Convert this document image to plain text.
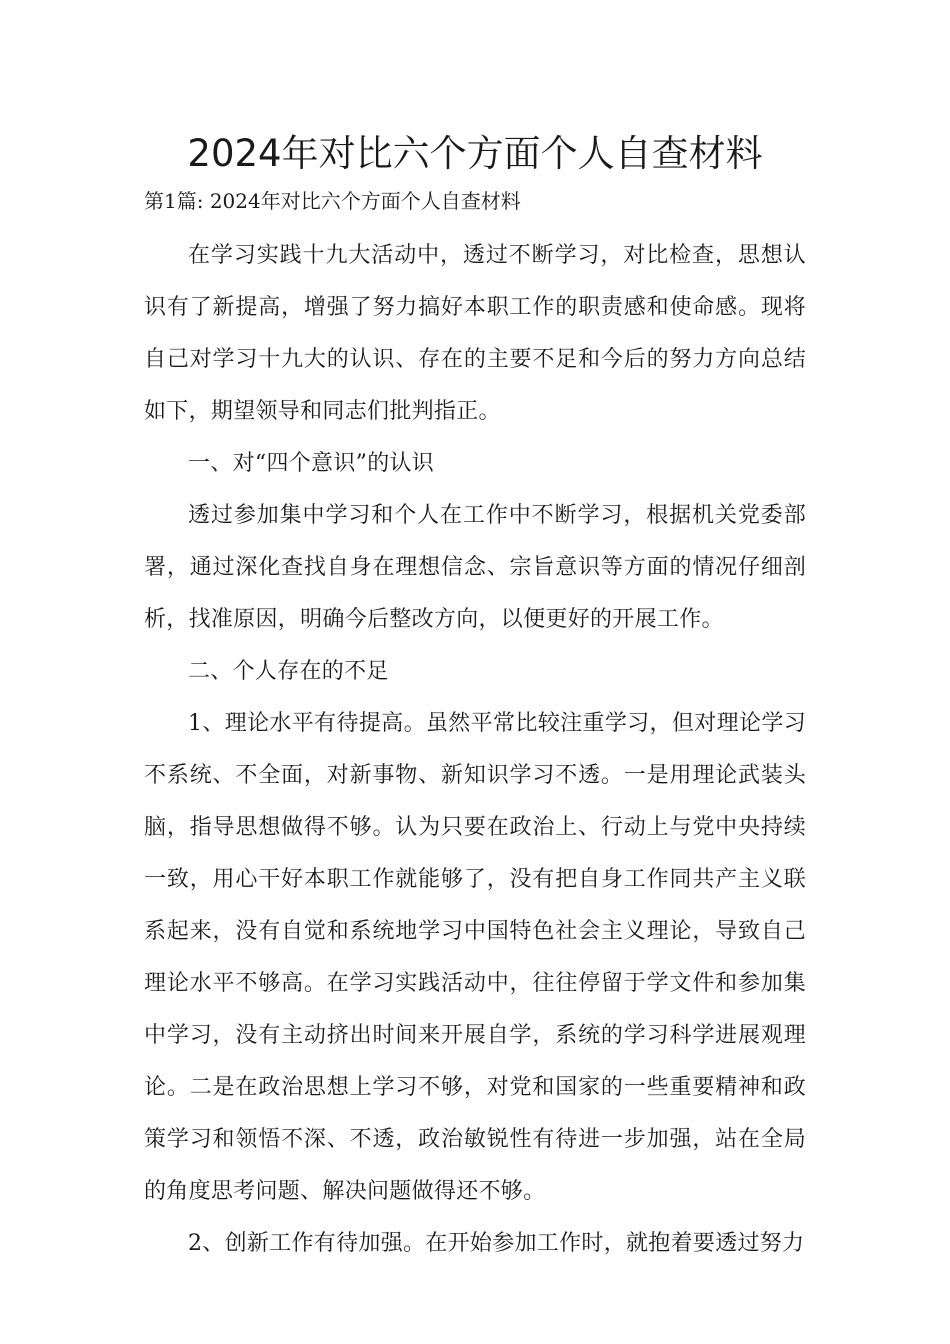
2024年对比六个方面个人自查材料

第1篇: 2024年对比六个方面个人自查材料

在学习实践十九大活动中，透过不断学习，对比检查，思想认识有了新提高，增强了努力搞好本职工作的职责感和使命感。现将自己对学习十九大的认识、存在的主要不足和今后的努力方向总结如下，期望领导和同志们批判指正。

一、对“四个意识”的认识

透过参加集中学习和个人在工作中不断学习，根据机关党委部署，通过深化查找自身在理想信念、宗旨意识等方面的情况仔细剖析，找准原因，明确今后整改方向，以便更好的开展工作。

二、个人存在的不足

1、理论水平有待提高。虽然平常比较注重学习，但对理论学习不系统、不全面，对新事物、新知识学习不透。一是用理论武装头脑，指导思想做得不够。认为只要在政治上、行动上与党中央持续一致，用心干好本职工作就能够了，没有把自身工作同共产主义联系起来，没有自觉和系统地学习中国特色社会主义理论，导致自己理论水平不够高。在学习实践活动中，往往停留于学文件和参加集中学习，没有主动挤出时间来开展自学，系统的学习科学进展观理论。二是在政治思想上学习不够，对党和国家的一些重要精神和政策学习和领悟不深、不透，政治敏锐性有待进一步加强，站在全局的角度思考问题、解决问题做得还不够。

2、创新工作有待加强。在开始参加工作时，就抱着要透过努力
